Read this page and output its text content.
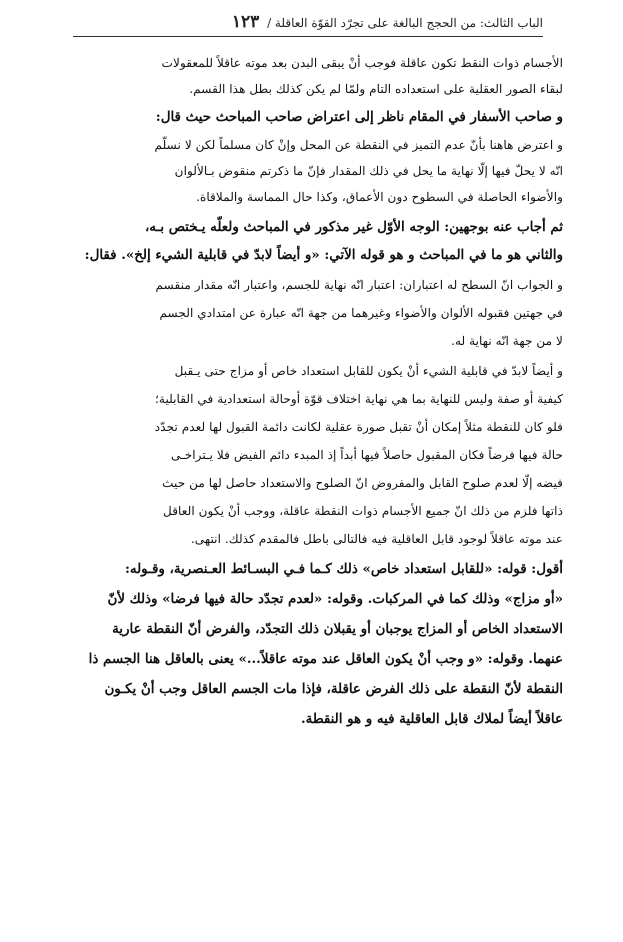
الباب الثالث: من الحجج البالغة على تجرّد القوّة العاقلة / ١٢٣
الأجسام ذوات النقط تكون عاقلة فوجب أنْ يبقى البدن بعد موته عاقلاً للمعقولات
لبقاء الصور العقلية على استعداده التام ولمّا لم يكن كذلك بطل هذا القسم.
و صاحب الأسفار في المقام ناظر إلى اعتراض صاحب المباحث حيث قال:
و اعترض هاهنا بأنّ عدم التميز في النقطة عن المحل وإنْ كان مسلماً لكن لا نسلّم
انّه لا يحلّ فيها إلّا نهاية ما يحل في ذلك المقدار فإنّ ما ذكرتم منقوض بـالألوان
والأضواء الحاصلة في السطوح دون الأعماق، وكذا حال المماسة والملاقاة.
ثم أجاب عنه بوجهين: الوجه الأوّل غير مذكور في المباحث ولعلّه يـختص بـه،
والثاني هو ما في المباحث و هو قوله الآتي: «و أيضاً لابدّ في قابلية الشيء إلخ». فقال:
و الجواب انّ السطح له اعتباران: اعتبار انّه نهاية للجسم، واعتبار انّه مقدار منقسم
في جهتين فقبوله الألوان والأضواء وغيرهما من جهة انّه عبارة عن امتدادي الجسم
لا من جهة انّه نهاية له.
و أيضاً لابدّ في قابلية الشيء أنْ يكون للقابل استعداد خاص أو مزاج حتى يـقبل
كيفية أو صفة وليس للنهاية بما هي نهاية اختلاف قوّة أوحالة استعدادية في القابلية؛
فلو كان للنقطة مثلاً إمكان أنْ تقبل صورة عقلية لكانت دائمة القبول لها لعدم تجدّد
حالة فيها فرضاً فكان المقبول حاصلاً فيها أبداً إذ المبدء دائم الفيض فلا يـتراخـى
فيضه إلّا لعدم صلوح القابل والمفروض انّ الصلوح والاستعداد حاصل لها من حيث
ذاتها فلزم من ذلك انّ جميع الأجسام ذوات النقطة عاقلة، ووجب أنْ يكون العاقل
عند موته عاقلاً لوجود قابل العاقلية فيه فالتالى باطل فالمقدم كذلك. انتهى.
أقول: قوله: «للقابل استعداد خاص» ذلك كـما فـي البسـائط العـنصرية، وقـوله:
«أو مزاج» وذلك كما في المركبات. وقوله: «لعدم تجدّد حالة فيها فرضا» وذلك لأنّ
الاستعداد الخاص أو المزاج يوجبان أو يقبلان ذلك التجدّد، والفرض أنّ النقطة عارية
عنهما. وقوله: «و وجب أنْ يكون العاقل عند موته عاقلاً...» يعنى بالعاقل هنا الجسم ذا
النقطة لأنّ النقطة على ذلك الفرض عاقلة، فإذا مات الجسم العاقل وجب أنْ يكـون
عاقلاً أيضاً لملاك قابل العاقلية فيه و هو النقطة.
